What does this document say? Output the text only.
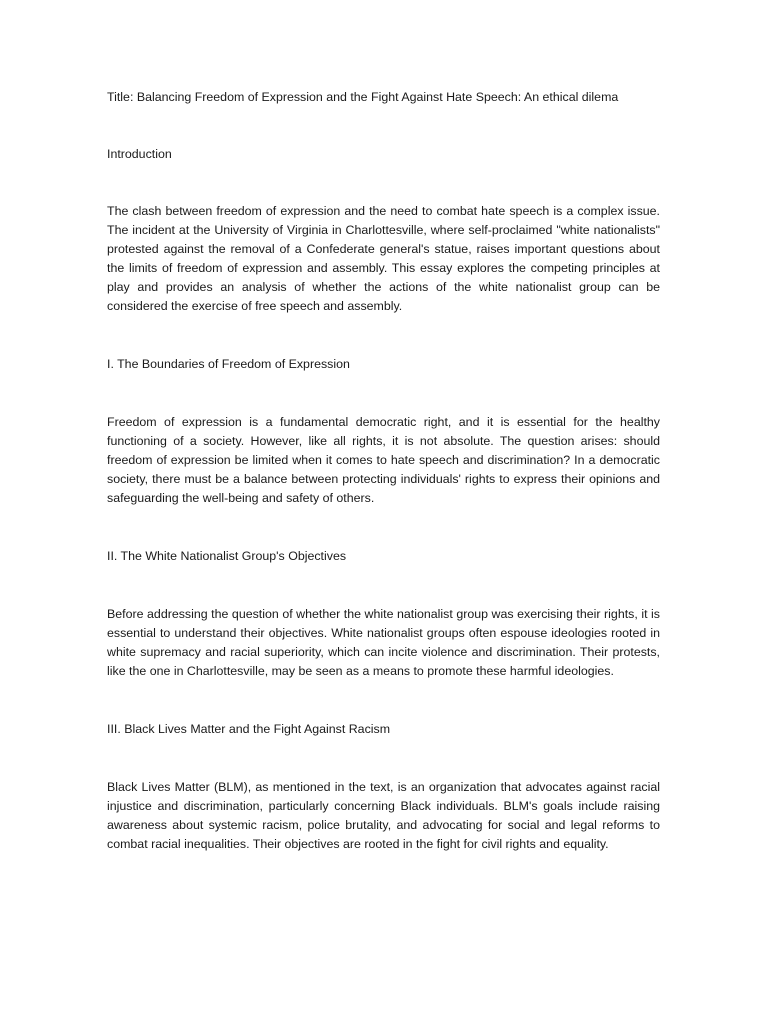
Title: Balancing Freedom of Expression and the Fight Against Hate Speech: An ethical dilema

Introduction

The clash between freedom of expression and the need to combat hate speech is a complex issue. The incident at the University of Virginia in Charlottesville, where self-proclaimed "white nationalists" protested against the removal of a Confederate general's statue, raises important questions about the limits of freedom of expression and assembly. This essay explores the competing principles at play and provides an analysis of whether the actions of the white nationalist group can be considered the exercise of free speech and assembly.

I. The Boundaries of Freedom of Expression

Freedom of expression is a fundamental democratic right, and it is essential for the healthy functioning of a society. However, like all rights, it is not absolute. The question arises: should freedom of expression be limited when it comes to hate speech and discrimination? In a democratic society, there must be a balance between protecting individuals' rights to express their opinions and safeguarding the well-being and safety of others.

II. The White Nationalist Group's Objectives

Before addressing the question of whether the white nationalist group was exercising their rights, it is essential to understand their objectives. White nationalist groups often espouse ideologies rooted in white supremacy and racial superiority, which can incite violence and discrimination. Their protests, like the one in Charlottesville, may be seen as a means to promote these harmful ideologies.

III. Black Lives Matter and the Fight Against Racism

Black Lives Matter (BLM), as mentioned in the text, is an organization that advocates against racial injustice and discrimination, particularly concerning Black individuals. BLM's goals include raising awareness about systemic racism, police brutality, and advocating for social and legal reforms to combat racial inequalities. Their objectives are rooted in the fight for civil rights and equality.
